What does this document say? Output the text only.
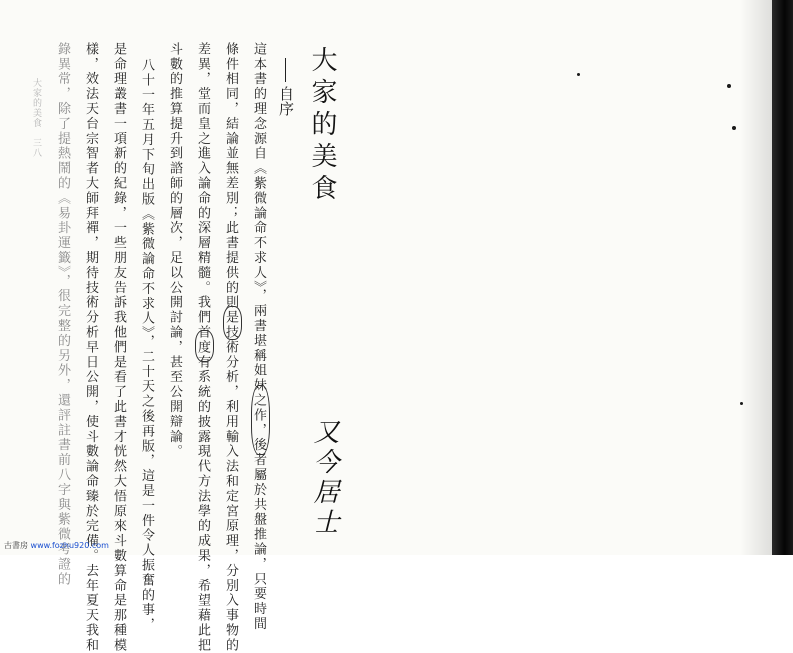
大家的美食
自序
這本書的理念源自《紫微論命不求人》，兩書堪稱姐妹之作，後者屬於共盤推論，只要時間
條件相同，結論並無差別；此書提供的則是技術分析，利用輸入法和定宮原理，分別入事物的
差異，堂而皇之進入論命的深層精髓。我們首度有系統的披露現代方法學的成果，希望藉此把
斗數的推算提升到諮師的層次，足以公開討論，甚至公開辯論。
八十一年五月下旬出版《紫微論命不求人》，二十天之後再版，這是一件令人振奮的事，
是命理叢書一項新的紀錄，一些朋友告訴我他們是看了此書才恍然大悟原來斗數算命是那種模
樣，效法天台宗智者大師拜禪，期待技術分析早日公開，使斗數論命臻於完備。去年夏天我和
錄異常，除了提熱鬧的《易卦運籤》，很完整的另外，還評註書前八字與紫微考證的	又今居士
大家的美食
三八
古書房 www.fozhu920.com
